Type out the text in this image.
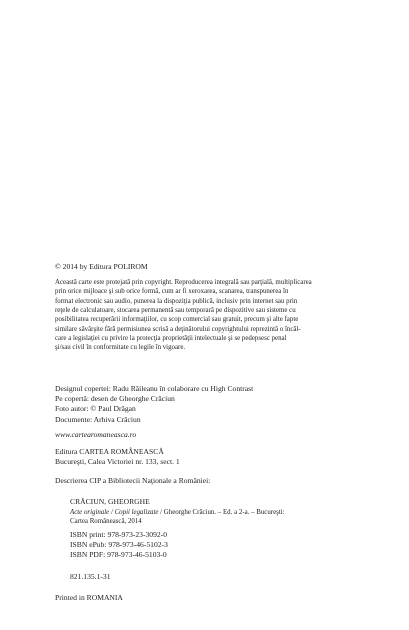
© 2014 by Editura POLIROM

Această carte este protejată prin copyright. Reproducerea integrală sau parţială, multiplicarea

prin orice mijloace şi sub orice formă, cum ar fi xeroxarea, scanarea, transpunerea în

format electronic sau audio, punerea la dispoziţia publică, inclusiv prin internet sau prin

reţele de calculatoare, stocarea permanentă sau temporară pe dispozitive sau sisteme cu

posibilitatea recuperării informaţiilor, cu scop comercial sau gratuit, precum şi alte fapte

similare săvârşite fără permisiunea scrisă a deţinătorului copyrightului reprezintă o încăl-

care a legislaţiei cu privire la protecţia proprietăţii intelectuale şi se pedepsesc penal

şi/sau civil în conformitate cu legile în vigoare.

Designul copertei: Radu Răileanu în colaborare cu High Contrast

Pe copertă: desen de Gheorghe Crăciun

Foto autor: © Paul Drăgan

Documente: Arhiva Crăciun

www.cartearomaneasca.ro

Editura CARTEA ROMÂNEASCĂ

Bucureşti, Calea Victoriei nr. 133, sect. 1

Descrierea CIP a Bibliotecii Naţionale a României:

CRĂCIUN, GHEORGHE

Acte originale / Copii legalizate / Gheorghe Crăciun. – Ed. a 2-a. – Bucureşti:

Cartea Românească, 2014

ISBN print: 978-973-23-3092-0

ISBN ePub: 978-973-46-5102-3

ISBN PDF: 978-973-46-5103-0

821.135.1-31

Printed in ROMANIA
